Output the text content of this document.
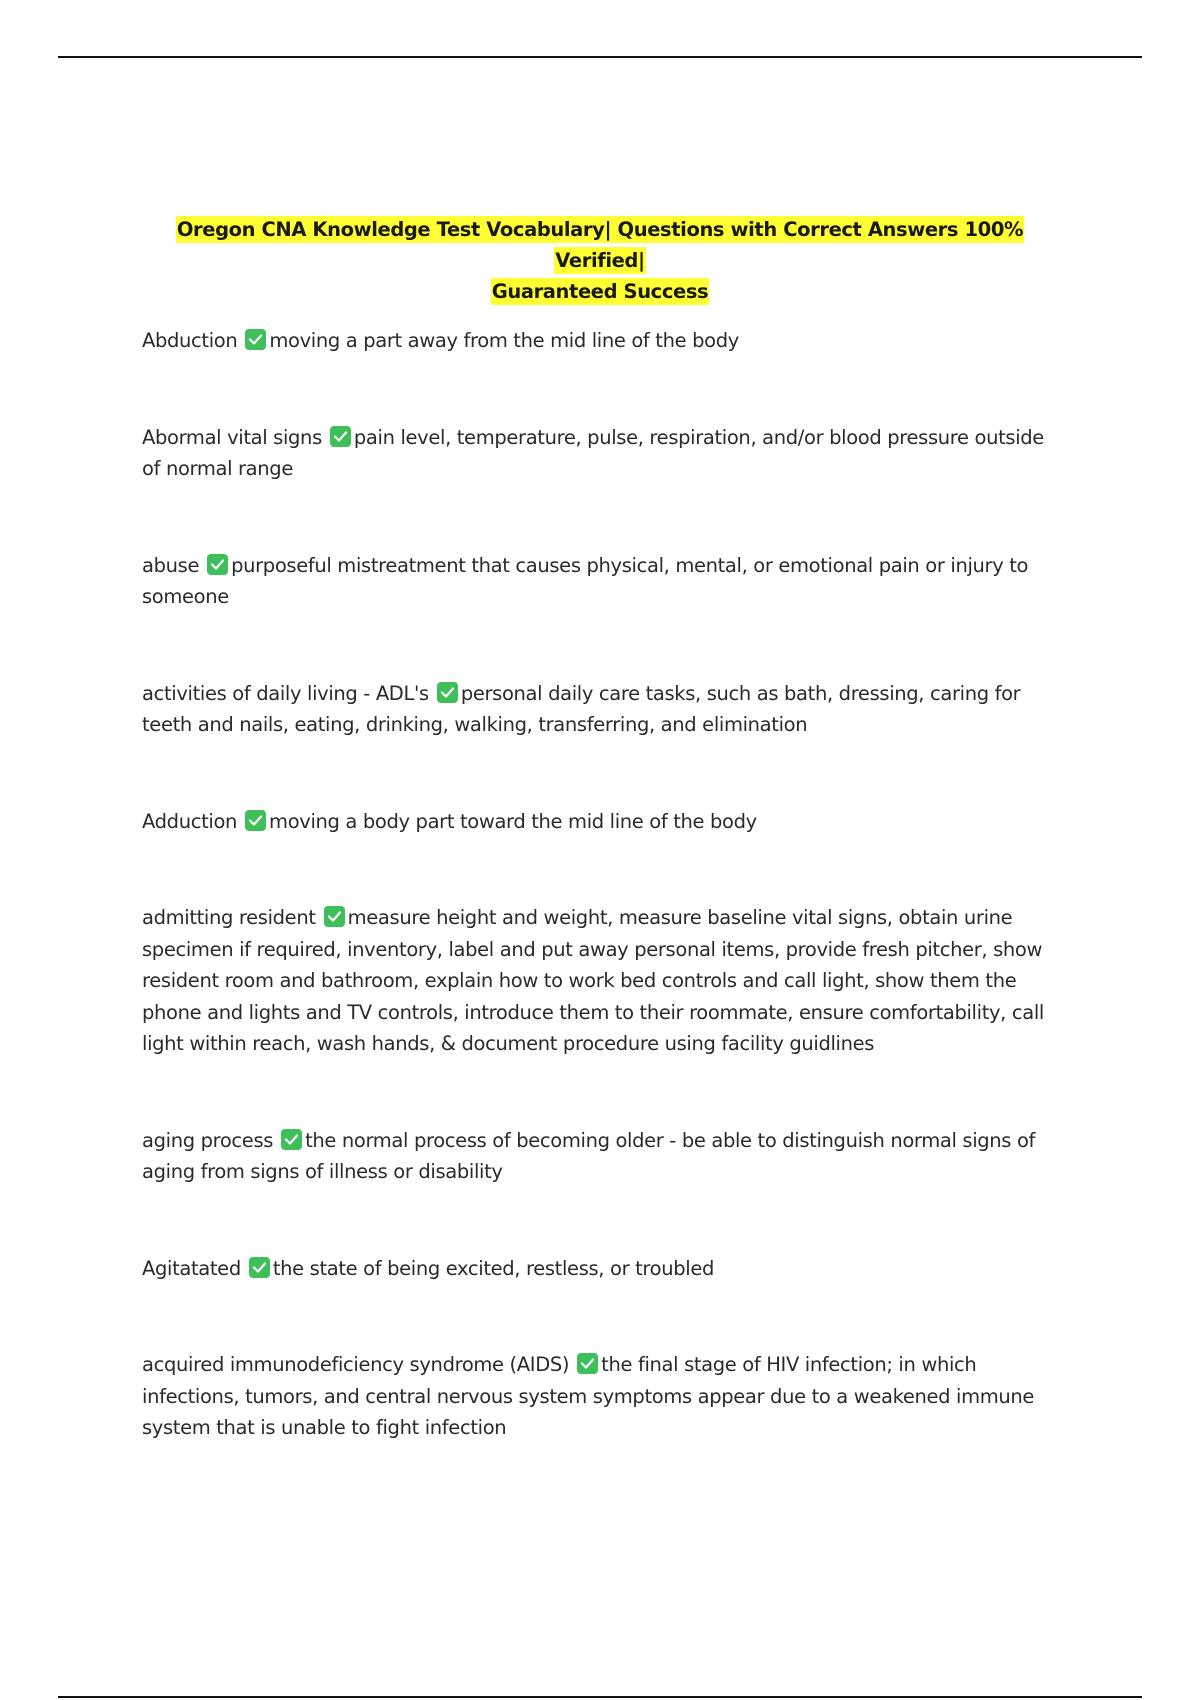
Oregon CNA Knowledge Test Vocabulary| Questions with Correct Answers 100% Verified|
Guaranteed Success
Abduction moving a part away from the mid line of the body
Abormal vital signs pain level, temperature, pulse, respiration, and/or blood pressure outside of normal range
abuse purposeful mistreatment that causes physical, mental, or emotional pain or injury to someone
activities of daily living - ADL's personal daily care tasks, such as bath, dressing, caring for teeth and nails, eating, drinking, walking, transferring, and elimination
Adduction moving a body part toward the mid line of the body
admitting resident measure height and weight, measure baseline vital signs, obtain urine specimen if required, inventory, label and put away personal items, provide fresh pitcher, show resident room and bathroom, explain how to work bed controls and call light, show them the phone and lights and TV controls, introduce them to their roommate, ensure comfortability, call light within reach, wash hands, & document procedure using facility guidlines
aging process the normal process of becoming older - be able to distinguish normal signs of aging from signs of illness or disability
Agitatated the state of being excited, restless, or troubled
acquired immunodeficiency syndrome (AIDS) the final stage of HIV infection; in which infections, tumors, and central nervous system symptoms appear due to a weakened immune system that is unable to fight infection
